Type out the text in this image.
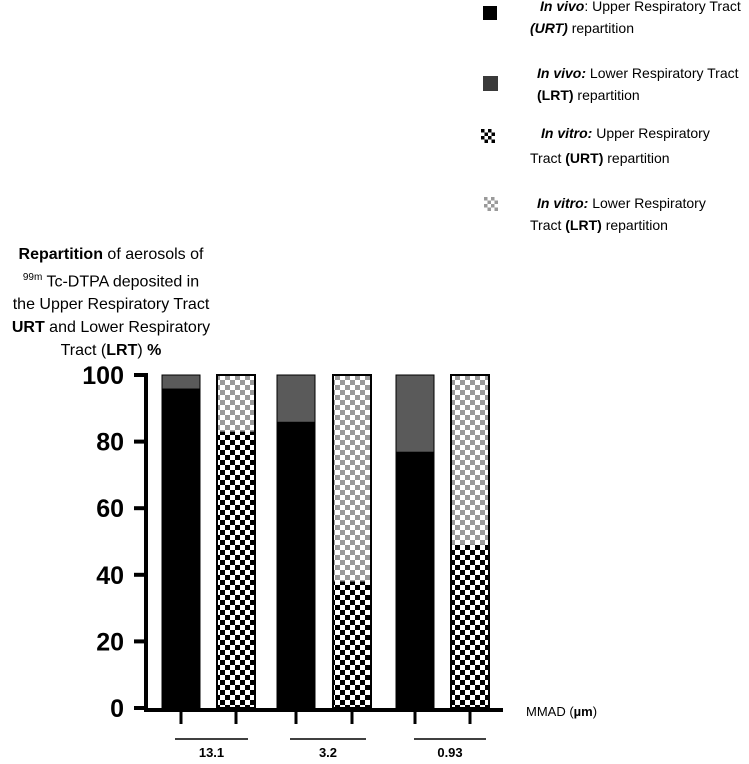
In vivo: Upper Respiratory Tract
(URT) repartition
In vivo: Lower Respiratory Tract
(LRT) repartition
In vitro: Upper Respiratory
Tract (URT) repartition
In vitro: Lower Respiratory
Tract (LRT) repartition
Repartition of aerosols of
$^{99m}$ Tc-DTPA deposited in
the Upper Respiratory Tract
URT and Lower Respiratory
Tract (LRT) %
0
20
40
60
80
100
13.1	3.2	0.93
MMAD (µm)
